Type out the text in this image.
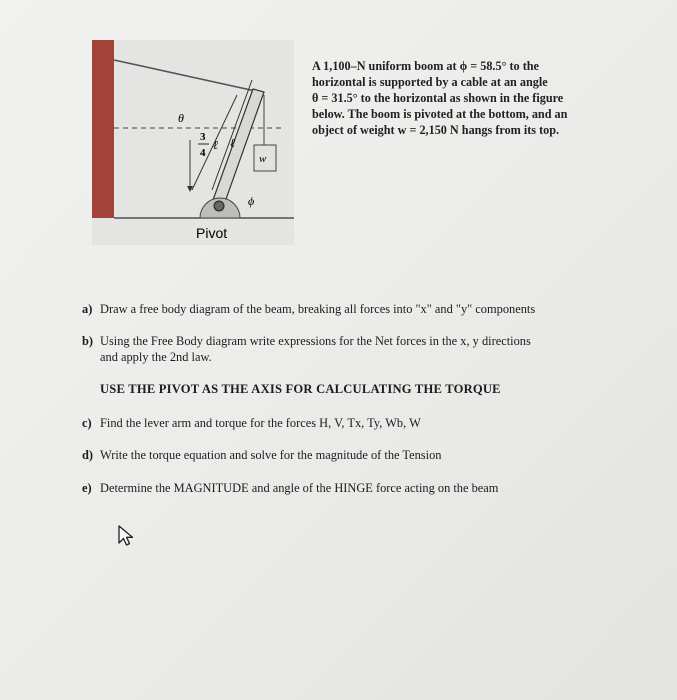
θ
3
4
ℓ ℓ
w
ϕ
Pivot
A 1,100–N uniform boom at ϕ = 58.5° to the
horizontal is supported by a cable at an angle
θ = 31.5° to the horizontal as shown in the figure
below. The boom is pivoted at the bottom, and an
object of weight w = 2,150 N hangs from its top.
a) Draw a free body diagram of the beam, breaking all forces into "x" and "y" components
b) Using the Free Body diagram write expressions for the Net forces in the x, y directions
and apply the 2nd law.
USE THE PIVOT AS THE AXIS FOR CALCULATING THE TORQUE
c) Find the lever arm and torque for the forces H, V, Tx, Ty, Wb, W
d) Write the torque equation and solve for the magnitude of the Tension
e) Determine the MAGNITUDE and angle of the HINGE force acting on the beam
